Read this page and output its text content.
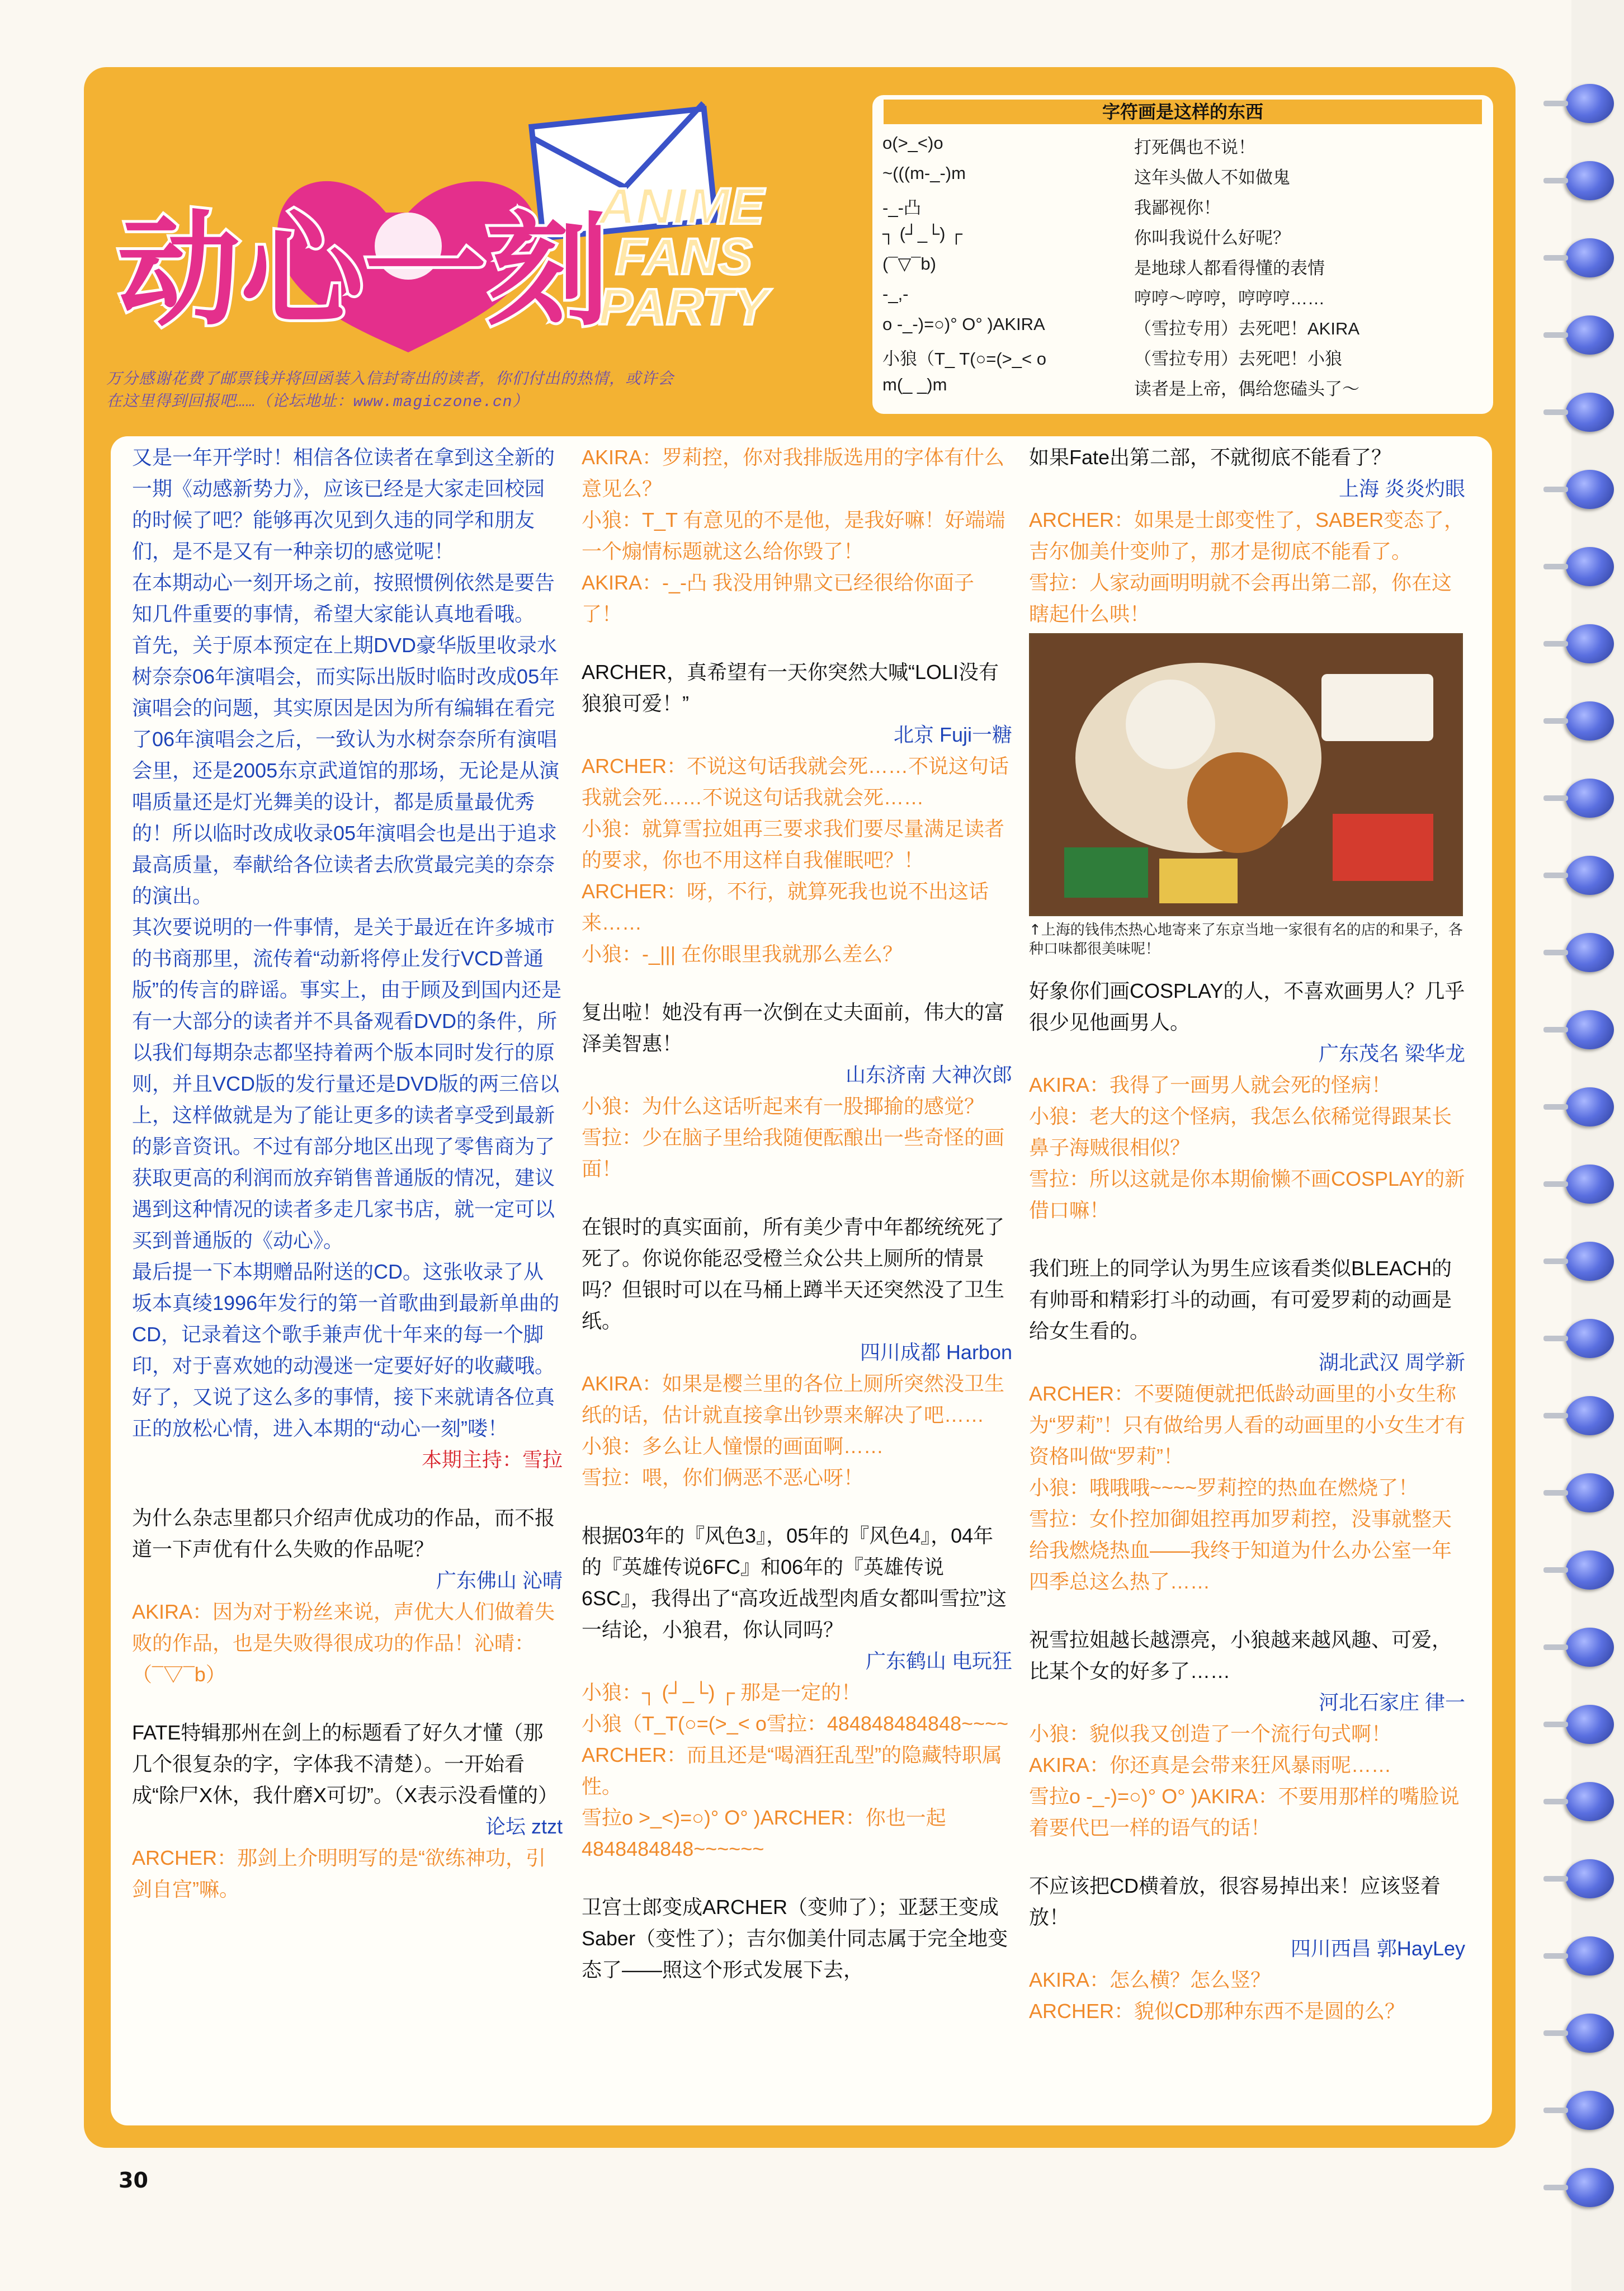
动心一刻
ANIME
FANS
PARTY
万分感谢花费了邮票钱并将回函装入信封寄出的读者，你们付出的热情，或许会
在这里得到回报吧……（论坛地址：www.magiczone.cn）
字符画是这样的东西
o(>_<)o	打死偶也不说！
~(((m-_-)m	这年头做人不如做鬼
-_-凸	我鄙视你！
┐ (┘_└) ┌	你叫我说什么好呢？
(¯▽¯b)	是地球人都看得懂的表情
-_,-	哼哼～哼哼，哼哼哼……
o -_-)=○)° O° )AKIRA	（雪拉专用）去死吧！AKIRA
小狼（T_ T(○=(>_< o	（雪拉专用）去死吧！小狼
m(_ _)m	读者是上帝，偶给您磕头了～

又是一年开学时！相信各位读者在拿到这全新的一期《动感新势力》，应该已经是大家走回校园的时候了吧？能够再次见到久违的同学和朋友们，是不是又有一种亲切的感觉呢！

在本期动心一刻开场之前，按照惯例依然是要告知几件重要的事情，希望大家能认真地看哦。

首先，关于原本预定在上期DVD豪华版里收录水树奈奈06年演唱会，而实际出版时临时改成05年演唱会的问题，其实原因是因为所有编辑在看完了06年演唱会之后，一致认为水树奈奈所有演唱会里，还是2005东京武道馆的那场，无论是从演唱质量还是灯光舞美的设计，都是质量最优秀的！所以临时改成收录05年演唱会也是出于追求最高质量，奉献给各位读者去欣赏最完美的奈奈的演出。

其次要说明的一件事情，是关于最近在许多城市的书商那里，流传着“动新将停止发行VCD普通版”的传言的辟谣。事实上，由于顾及到国内还是有一大部分的读者并不具备观看DVD的条件，所以我们每期杂志都坚持着两个版本同时发行的原则，并且VCD版的发行量还是DVD版的两三倍以上，这样做就是为了能让更多的读者享受到最新的影音资讯。不过有部分地区出现了零售商为了获取更高的利润而放弃销售普通版的情况，建议遇到这种情况的读者多走几家书店，就一定可以买到普通版的《动心》。

最后提一下本期赠品附送的CD。这张收录了从坂本真绫1996年发行的第一首歌曲到最新单曲的CD，记录着这个歌手兼声优十年来的每一个脚印，对于喜欢她的动漫迷一定要好好的收藏哦。

好了，又说了这么多的事情，接下来就请各位真正的放松心情，进入本期的“动心一刻”喽！

本期主持：雪拉

为什么杂志里都只介绍声优成功的作品，而不报道一下声优有什么失败的作品呢？

广东佛山 沁晴

AKIRA：因为对于粉丝来说，声优大人们做着失败的作品，也是失败得很成功的作品！沁晴：（¯▽¯b）

FATE特辑那州在剑上的标题看了好久才懂（那几个很复杂的字，字体我不清楚）。一开始看成“除尸X休，我什磨X可切”。（X表示没看懂的）

论坛 ztzt

ARCHER：那剑上介明明写的是“欲练神功，引剑自宫”嘛。

AKIRA：罗莉控，你对我排版选用的字体有什么意见么？

小狼：T_T 有意见的不是他，是我好嘛！好端端一个煽情标题就这么给你毁了！

AKIRA：-_-凸 我没用钟鼎文已经很给你面子了！

ARCHER，真希望有一天你突然大喊“LOLI没有狼狼可爱！”

北京 Fuji一糖

ARCHER：不说这句话我就会死……不说这句话我就会死……不说这句话我就会死……

小狼：就算雪拉姐再三要求我们要尽量满足读者的要求，你也不用这样自我催眠吧？！

ARCHER：呀，不行，就算死我也说不出这话来……

小狼：-_||| 在你眼里我就那么差么？

复出啦！她没有再一次倒在丈夫面前，伟大的富泽美智惠！

山东济南 大神次郎

小狼：为什么这话听起来有一股揶揄的感觉？

雪拉：少在脑子里给我随便酝酿出一些奇怪的画面！

在银时的真实面前，所有美少青中年都统统死了死了。你说你能忍受橙兰众公共上厕所的情景吗？但银时可以在马桶上蹲半天还突然没了卫生纸。

四川成都 Harbon

AKIRA：如果是樱兰里的各位上厕所突然没卫生纸的话，估计就直接拿出钞票来解决了吧……

小狼：多么让人憧憬的画面啊……

雪拉：喂，你们俩恶不恶心呀！

根据03年的『风色3』，05年的『风色4』，04年的『英雄传说6FC』和06年的『英雄传说6SC』，我得出了“高攻近战型肉盾女都叫雪拉”这一结论，小狼君，你认同吗？

广东鹤山 电玩狂

小狼：┐ (┘_└) ┌ 那是一定的！

小狼（T_T(○=(>_< o雪拉：484848484848~~~~

ARCHER：而且还是“喝酒狂乱型”的隐藏特职属性。

雪拉o >_<)=○)° O° )ARCHER：你也一起4848484848~~~~~~

卫宫士郎变成ARCHER（变帅了）；亚瑟王变成Saber（变性了）；吉尔伽美什同志属于完全地变态了——照这个形式发展下去，

如果Fate出第二部，不就彻底不能看了？

上海 炎炎灼眼

ARCHER：如果是士郎变性了，SABER变态了，吉尔伽美什变帅了，那才是彻底不能看了。

雪拉：人家动画明明就不会再出第二部，你在这瞎起什么哄！

↑上海的钱伟杰热心地寄来了东京当地一家很有名的店的和果子，各种口味都很美味呢！

好象你们画COSPLAY的人，不喜欢画男人？几乎很少见他画男人。

广东茂名 梁华龙

AKIRA：我得了一画男人就会死的怪病！

小狼：老大的这个怪病，我怎么依稀觉得跟某长鼻子海贼很相似？

雪拉：所以这就是你本期偷懒不画COSPLAY的新借口嘛！

我们班上的同学认为男生应该看类似BLEACH的有帅哥和精彩打斗的动画，有可爱罗莉的动画是给女生看的。

湖北武汉 周学新

ARCHER：不要随便就把低龄动画里的小女生称为“罗莉”！只有做给男人看的动画里的小女生才有资格叫做“罗莉”！

小狼：哦哦哦~~~~罗莉控的热血在燃烧了！

雪拉：女仆控加御姐控再加罗莉控，没事就整天给我燃烧热血——我终于知道为什么办公室一年四季总这么热了……

祝雪拉姐越长越漂亮，小狼越来越风趣、可爱，比某个女的好多了……

河北石家庄 律一

小狼：貌似我又创造了一个流行句式啊！

AKIRA：你还真是会带来狂风暴雨呢……

雪拉o -_-)=○)° O° )AKIRA：不要用那样的嘴脸说着要代巴一样的语气的话！

不应该把CD横着放，很容易掉出来！应该竖着放！

四川西昌 郭HayLey

AKIRA：怎么横？怎么竖？

ARCHER：貌似CD那种东西不是圆的么？

30
